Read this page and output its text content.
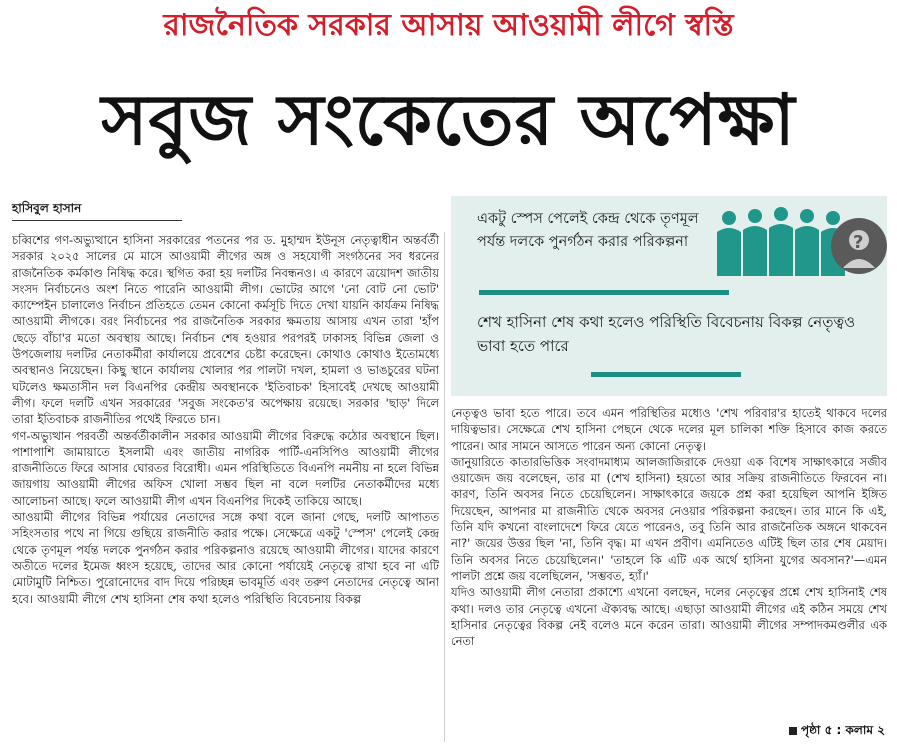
রাজনৈতিক সরকার আসায় আওয়ামী লীগে স্বস্তি
সবুজ সংকেতের অপেক্ষা
হাসিবুল হাসান

চব্বিশের গণ-অভ্যুত্থানে হাসিনা সরকারের পতনের পর ড. মুহাম্মদ ইউনূস নেতৃত্বাধীন অন্তর্বর্তী সরকার ২০২৫ সালের মে মাসে আওয়ামী লীগের অঙ্গ ও সহযোগী সংগঠনের সব ধরনের রাজনৈতিক কর্মকাণ্ড নিষিদ্ধ করে। স্থগিত করা হয় দলটির নিবন্ধনও। এ কারণে ত্রয়োদশ জাতীয় সংসদ নির্বাচনেও অংশ নিতে পারেনি আওয়ামী লীগ। ভোটের আগে 'নো বোট নো ভোট' ক্যাম্পেইন চালালেও নির্বাচন প্রতিহতে তেমন কোনো কর্মসূচি দিতে দেখা যায়নি কার্যক্রম নিষিদ্ধ আওয়ামী লীগকে। বরং নির্বাচনের পর রাজনৈতিক সরকার ক্ষমতায় আসায় এখন তারা 'হাঁপ ছেড়ে বাঁচা'র মতো অবস্থায় আছে। নির্বাচন শেষ হওয়ার পরপরই ঢাকাসহ বিভিন্ন জেলা ও উপজেলায় দলটির নেতাকর্মীরা কার্যালয়ে প্রবেশের চেষ্টা করেছেন। কোথাও কোথাও ইতোমধ্যে অবস্থানও নিয়েছেন। কিছু স্থানে কার্যালয় খোলার পর পালটা দখল, হামলা ও ভাঙচুরের ঘটনা ঘটলেও ক্ষমতাসীন দল বিএনপির কেন্দ্রীয় অবস্থানকে 'ইতিবাচক' হিসাবেই দেখছে আওয়ামী লীগ। ফলে দলটি এখন সরকারের 'সবুজ সংকেত'র অপেক্ষায় রয়েছে। সরকার 'ছাড়' দিলে তারা ইতিবাচক রাজনীতির পথেই ফিরতে চান।

গণ-অভ্যুত্থান পরবর্তী অন্তর্বর্তীকালীন সরকার আওয়ামী লীগের বিরুদ্ধে কঠোর অবস্থানে ছিল। পাশাপাশি জামায়াতে ইসলামী এবং জাতীয় নাগরিক পার্টি-এনসিপিও আওয়ামী লীগের রাজনীতিতে ফিরে আসার ঘোরতর বিরোধী। এমন পরিস্থিতিতে বিএনপি নমনীয় না হলে বিভিন্ন জায়গায় আওয়ামী লীগের অফিস খোলা সম্ভব ছিল না বলে দলটির নেতাকর্মীদের মধ্যে আলোচনা আছে। ফলে আওয়ামী লীগ এখন বিএনপির দিকেই তাকিয়ে আছে।

আওয়ামী লীগের বিভিন্ন পর্যায়ের নেতাদের সঙ্গে কথা বলে জানা গেছে, দলটি আপাতত সহিংসতার পথে না গিয়ে গুছিয়ে রাজনীতি করার পক্ষে। সেক্ষেত্রে একটু 'স্পেস' পেলেই কেন্দ্র থেকে তৃণমূল পর্যন্ত দলকে পুনর্গঠন করার পরিকল্পনাও রয়েছে আওয়ামী লীগের। যাদের কারণে অতীতে দলের ইমেজ ধ্বংস হয়েছে, তাদের আর কোনো পর্যায়েই নেতৃত্বে রাখা হবে না এটি মোটামুটি নিশ্চিত। পুরোনোদের বাদ দিয়ে পরিচ্ছন্ন ভাবমূর্তি এবং তরুণ নেতাদের নেতৃত্বে আনা হবে। আওয়ামী লীগে শেখ হাসিনা শেষ কথা হলেও পরিস্থিতি বিবেচনায় বিকল্প

একটু স্পেস পেলেই কেন্দ্র থেকে তৃণমূল পর্যন্ত দলকে পুনর্গঠন করার পরিকল্পনা	?
শেখ হাসিনা শেষ কথা হলেও পরিস্থিতি বিবেচনায় বিকল্প নেতৃত্বও ভাবা হতে পারে

নেতৃত্বও ভাবা হতে পারে। তবে এমন পরিস্থিতির মধ্যেও 'শেখ পরিবার'র হাতেই থাকবে দলের দায়িত্বভার। সেক্ষেত্রে শেখ হাসিনা পেছনে থেকে দলের মূল চালিকা শক্তি হিসাবে কাজ করতে পারেন। আর সামনে আসতে পারেন অন্য কোনো নেতৃত্ব।

জানুয়ারিতে কাতারভিত্তিক সংবাদমাধ্যম আলজাজিরাকে দেওয়া এক বিশেষ সাক্ষাৎকারে সজীব ওয়াজেদ জয় বলেছেন, তার মা (শেখ হাসিনা) হয়তো আর সক্রিয় রাজনীতিতে ফিরবেন না। কারণ, তিনি অবসর নিতে চেয়েছিলেন। সাক্ষাৎকারে জয়কে প্রশ্ন করা হয়েছিল আপনি ইঙ্গিত দিয়েছেন, আপনার মা রাজনীতি থেকে অবসর নেওয়ার পরিকল্পনা করছেন। তার মানে কি এই, তিনি যদি কখনো বাংলাদেশে ফিরে যেতে পারেনও, তবু তিনি আর রাজনৈতিক অঙ্গনে থাকবেন না?' জয়ের উত্তর ছিল 'না, তিনি বৃদ্ধ। মা এখন প্রবীণ। এমনিতেও এটিই ছিল তার শেষ মেয়াদ। তিনি অবসর নিতে চেয়েছিলেন।' 'তাহলে কি এটি এক অর্থে হাসিনা যুগের অবসান?'—এমন পালটা প্রশ্নে জয় বলেছিলেন, 'সম্ভবত, হ্যাঁ।'

যদিও আওয়ামী লীগ নেতারা প্রকাশ্যে এখনো বলছেন, দলের নেতৃত্বের প্রশ্নে শেখ হাসিনাই শেষ কথা। দলও তার নেতৃত্বে এখনো ঐক্যবদ্ধ আছে। এছাড়া আওয়ামী লীগের এই কঠিন সময়ে শেখ হাসিনার নেতৃত্বের বিকল্প নেই বলেও মনে করেন তারা। আওয়ামী লীগের সম্পাদকমণ্ডলীর এক নেতা

পৃষ্ঠা ৫ : কলাম ২
